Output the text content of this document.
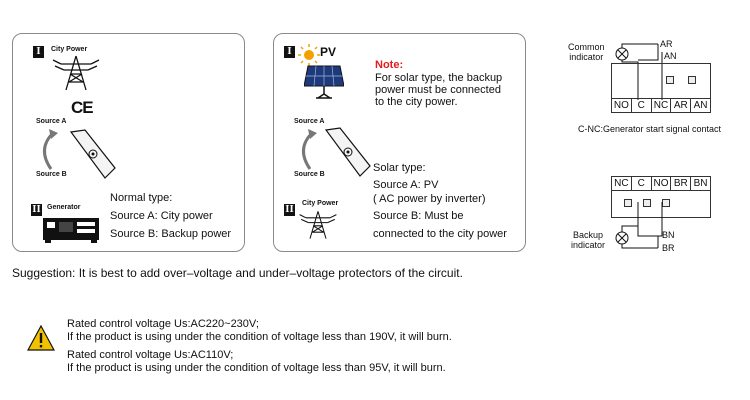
I	City Power
CE
Source A
Source B
II Generator
Normal type:
Source A: City power
Source B: Backup power
I PV
Note:
For solar type, the backup
power must be connected
to the city power.
Source A
Source B
II
City Power
Solar type:
Source A: PV
( AC power by inverter)
Source B: Must be
connected to the city power
Common
indicator
AR
AN
NO C NC AR AN
C-NC:Generator start signal contact
NC C NO BR BN
Backup
indicator
BN
BR
Suggestion: It is best to add over–voltage and under–voltage protectors of the circuit.
Rated control voltage Us:AC220~230V;
If the product is using under the condition of voltage less than 190V, it will burn.
Rated control voltage Us:AC110V;
If the product is using under the condition of voltage less than 95V, it will burn.
